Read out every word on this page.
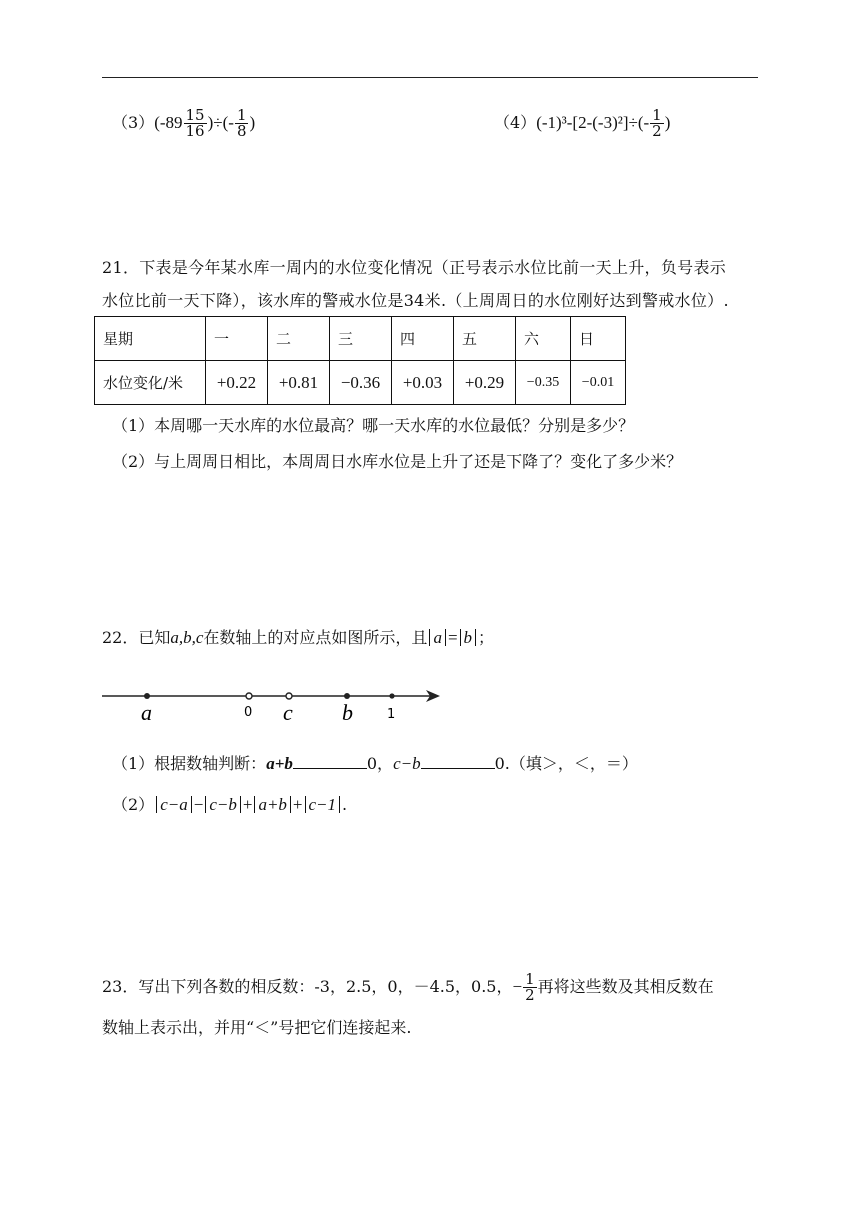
$(3)(-89 \frac{15}{16}$ )÷(- $\frac{1}{8}$ )	$(4)(-1)^3-[2-(-3)^2]\div(- \frac{1}{2}$ )
21．下表是今年某水库一周内的水位变化情况（正号表示水位比前一天上升，负号表示
水位比前一天下降），该水库的警戒水位是34米.（上周周日的水位刚好达到警戒水位）.
星期	一	二	三	四	五	六	日
水位变化/米	+0.22	+0.81	−0.36	+0.03	+0.29	−0.35	−0.01
（1）本周哪一天水库的水位最高？哪一天水库的水位最低？分别是多少？
（2）与上周周日相比，本周周日水库水位是上升了还是下降了？变化了多少米？
22．已知a,b,c在数轴上的对应点如图所示，且 a = b ；
a	0 c b	1
（1）根据数轴判断：a+b	0，c−b	0.（填＞，＜，＝）
（2） c−a − c−b + a+b + c−1 .
23．写出下列各数的相反数：-3，2.5，0，－4.5，0.5，− $\frac{1}{2}$ 再将这些数及其相反数在
数轴上表示出，并用“＜”号把它们连接起来.
